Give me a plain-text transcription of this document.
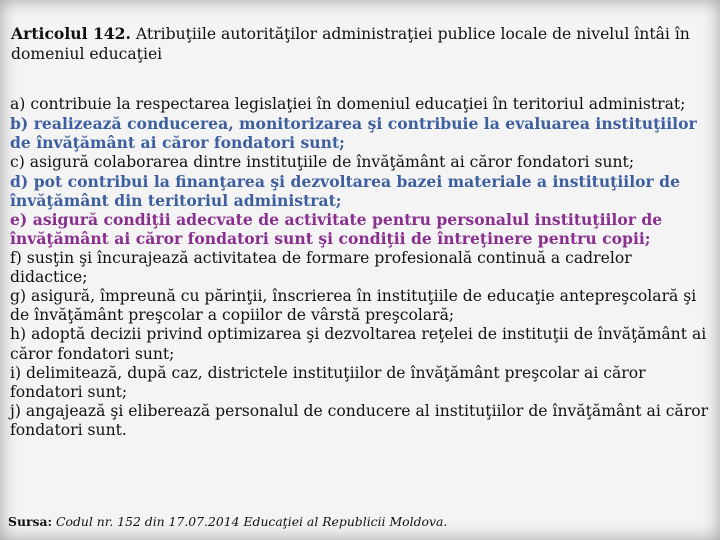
Articolul 142. Atribuţiile autorităţilor administraţiei publice locale de nivelul întâi în domeniul educaţiei

a) contribuie la respectarea legislaţiei în domeniul educaţiei în teritoriul administrat;

b) realizează conducerea, monitorizarea şi contribuie la evaluarea instituţiilor de învăţământ ai căror fondatori sunt;

c) asigură colaborarea dintre instituţiile de învăţământ ai căror fondatori sunt;

d) pot contribui la finanţarea şi dezvoltarea bazei materiale a instituţiilor de învăţământ din teritoriul administrat;

e) asigură condiţii adecvate de activitate pentru personalul instituţiilor de învăţământ ai căror fondatori sunt şi condiţii de întreţinere pentru copii;

f) susţin şi încurajează activitatea de formare profesională continuă a cadrelor didactice;

g) asigură, împreună cu părinţii, înscrierea în instituţiile de educaţie antepreşcolară şi de învăţământ preşcolar a copiilor de vârstă preşcolară;

h) adoptă decizii privind optimizarea şi dezvoltarea reţelei de instituţii de învăţământ ai căror fondatori sunt;

i) delimitează, după caz, districtele instituţiilor de învăţământ preşcolar ai căror fondatori sunt;

j) angajează şi eliberează personalul de conducere al instituţiilor de învăţământ ai căror fondatori sunt.

Sursa: Codul nr. 152 din 17.07.2014 Educaţiei al Republicii Moldova.
